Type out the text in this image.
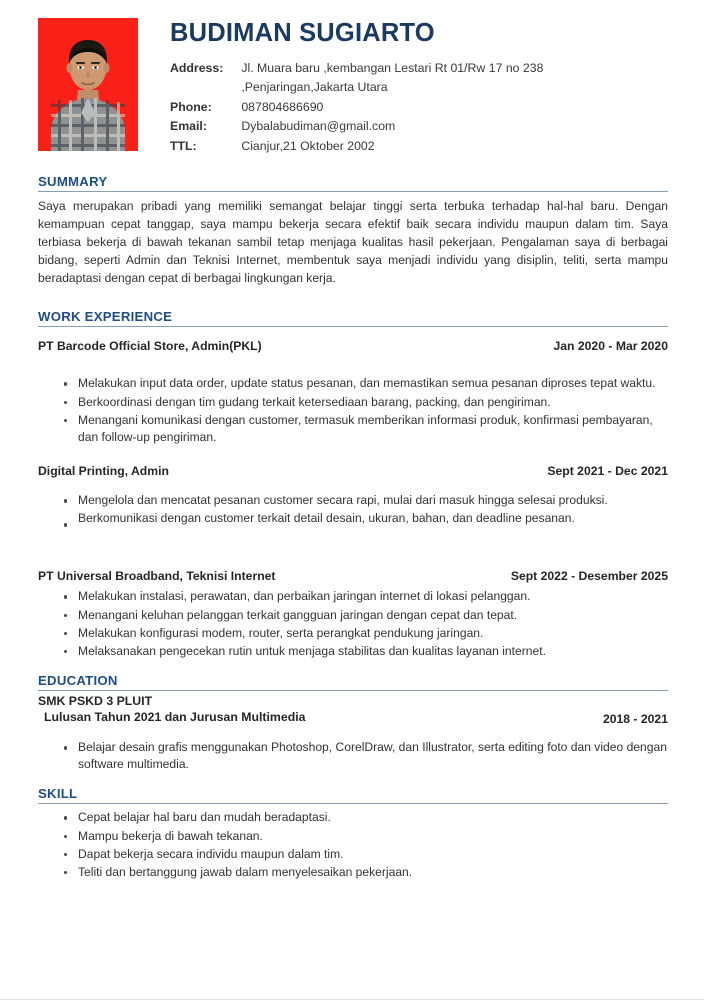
BUDIMAN SUGIARTO
Address:	Jl. Muara baru ,kembangan Lestari Rt 01/Rw 17 no 238
	,Penjaringan,Jakarta Utara
Phone:	087804686690
Email:	Dybalabudiman@gmail.com
TTL:	Cianjur,21 Oktober 2002
SUMMARY

Saya merupakan pribadi yang memiliki semangat belajar tinggi serta terbuka terhadap hal-hal baru. Dengan kemampuan cepat tanggap, saya mampu bekerja secara efektif baik secara individu maupun dalam tim. Saya terbiasa bekerja di bawah tekanan sambil tetap menjaga kualitas hasil pekerjaan. Pengalaman saya di berbagai bidang, seperti Admin dan Teknisi Internet, membentuk saya menjadi individu yang disiplin, teliti, serta mampu beradaptasi dengan cepat di berbagai lingkungan kerja.

WORK EXPERIENCE
PT Barcode Official Store, Admin(PKL)	Jan 2020 - Mar 2020
Melakukan input data order, update status pesanan, dan memastikan semua pesanan diproses tepat waktu.
Berkoordinasi dengan tim gudang terkait ketersediaan barang, packing, dan pengiriman.
Menangani komunikasi dengan customer, termasuk memberikan informasi produk, konfirmasi pembayaran, dan follow-up pengiriman.
Digital Printing, Admin	Sept 2021 - Dec 2021
Mengelola dan mencatat pesanan customer secara rapi, mulai dari masuk hingga selesai produksi.
Berkomunikasi dengan customer terkait detail desain, ukuran, bahan, dan deadline pesanan.
PT Universal Broadband, Teknisi Internet	Sept 2022 - Desember 2025
Melakukan instalasi, perawatan, dan perbaikan jaringan internet di lokasi pelanggan.
Menangani keluhan pelanggan terkait gangguan jaringan dengan cepat dan tepat.
Melakukan konfigurasi modem, router, serta perangkat pendukung jaringan.
Melaksanakan pengecekan rutin untuk menjaga stabilitas dan kualitas layanan internet.
EDUCATION
SMK PSKD 3 PLUIT
Lulusan Tahun 2021 dan Jurusan Multimedia	2018 - 2021
Belajar desain grafis menggunakan Photoshop, CorelDraw, dan Illustrator, serta editing foto dan video dengan software multimedia.
SKILL
Cepat belajar hal baru dan mudah beradaptasi.
Mampu bekerja di bawah tekanan.
Dapat bekerja secara individu maupun dalam tim.
Teliti dan bertanggung jawab dalam menyelesaikan pekerjaan.
